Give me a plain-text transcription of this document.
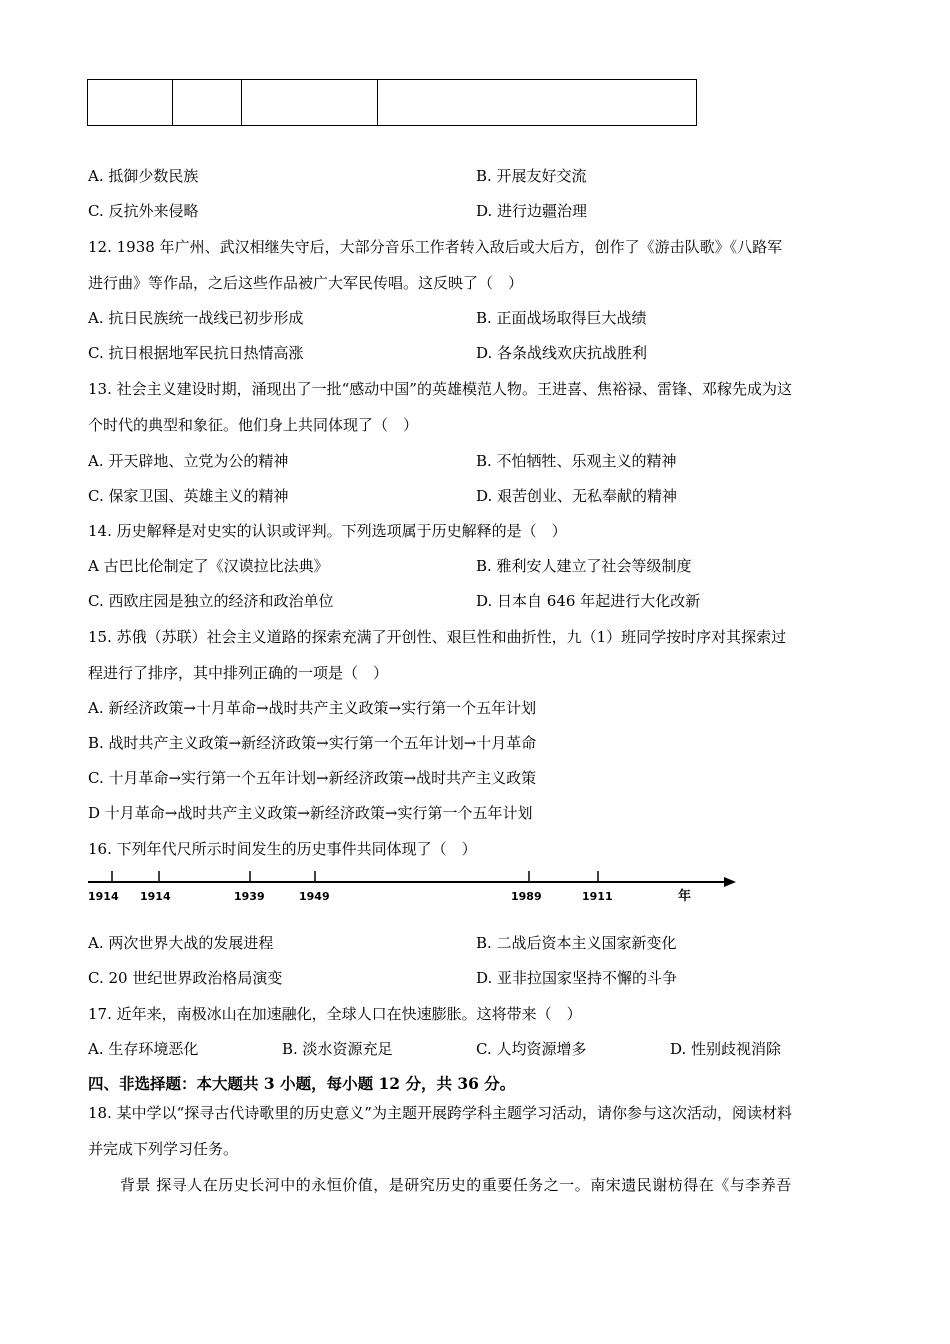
A. 抵御少数民族	B. 开展友好交流
C. 反抗外来侵略	D. 进行边疆治理
12. 1938 年广州、武汉相继失守后，大部分音乐工作者转入敌后或大后方，创作了《游击队歌》《八路军
进行曲》等作品，之后这些作品被广大军民传唱。这反映了（　）
A. 抗日民族统一战线已初步形成	B. 正面战场取得巨大战绩
C. 抗日根据地军民抗日热情高涨	D. 各条战线欢庆抗战胜利
13. 社会主义建设时期，涌现出了一批“感动中国”的英雄模范人物。王进喜、焦裕禄、雷锋、邓稼先成为这
个时代的典型和象征。他们身上共同体现了（　）
A. 开天辟地、立党为公的精神	B. 不怕牺牲、乐观主义的精神
C. 保家卫国、英雄主义的精神	D. 艰苦创业、无私奉献的精神
14. 历史解释是对史实的认识或评判。下列选项属于历史解释的是（　）
A 古巴比伦制定了《汉谟拉比法典》	B. 雅利安人建立了社会等级制度
C. 西欧庄园是独立的经济和政治单位	D. 日本自 646 年起进行大化改新
15. 苏俄（苏联）社会主义道路的探索充满了开创性、艰巨性和曲折性，九（1）班同学按时序对其探索过
程进行了排序，其中排列正确的一项是（　）
A. 新经济政策→十月革命→战时共产主义政策→实行第一个五年计划
B. 战时共产主义政策→新经济政策→实行第一个五年计划→十月革命
C. 十月革命→实行第一个五年计划→新经济政策→战时共产主义政策
D 十月革命→战时共产主义政策→新经济政策→实行第一个五年计划
16. 下列年代尺所示时间发生的历史事件共同体现了（　）
1914 1914	1939	1949	1989	1911	年
A. 两次世界大战的发展进程	B. 二战后资本主义国家新变化
C. 20 世纪世界政治格局演变	D. 亚非拉国家坚持不懈的斗争
17. 近年来，南极冰山在加速融化，全球人口在快速膨胀。这将带来（　）
A. 生存环境恶化	B. 淡水资源充足	C. 人均资源增多	D. 性别歧视消除
四、非选择题：本大题共 3 小题，每小题 12 分，共 36 分。
18. 某中学以“探寻古代诗歌里的历史意义”为主题开展跨学科主题学习活动，请你参与这次活动，阅读材料
并完成下列学习任务。
背景 探寻人在历史长河中的永恒价值，是研究历史的重要任务之一。南宋遗民谢枋得在《与李养吾
